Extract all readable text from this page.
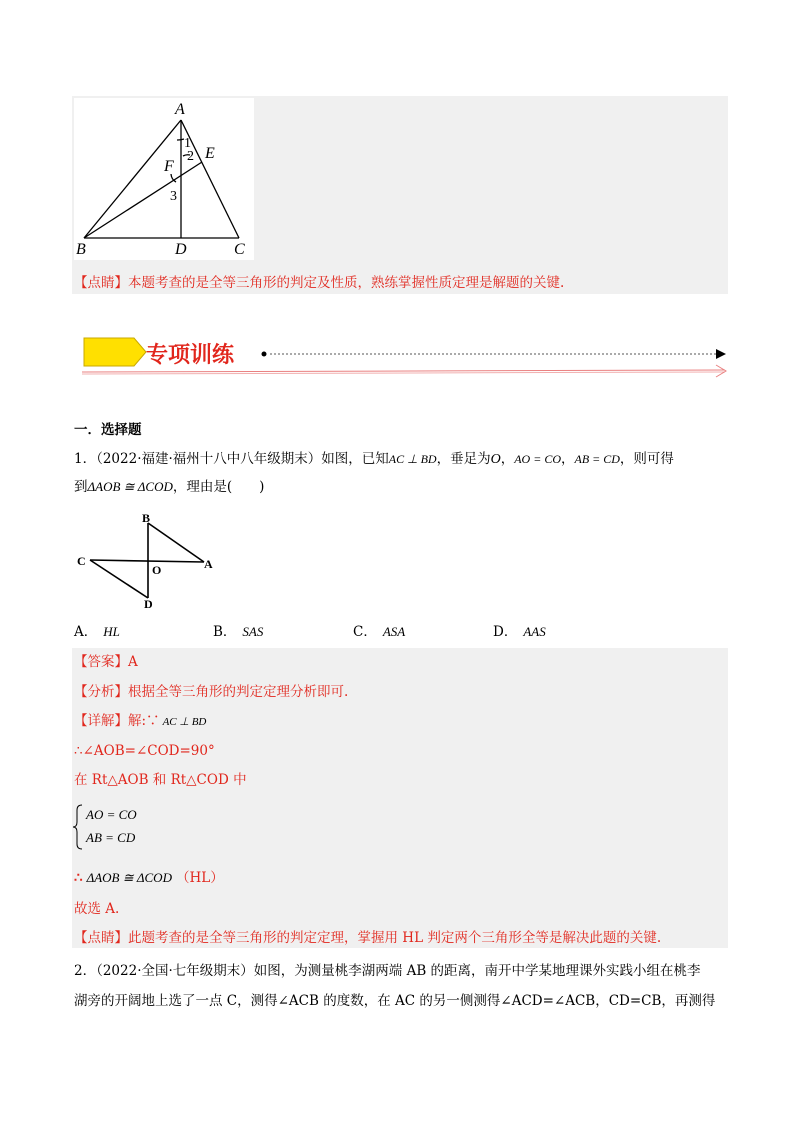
A
E
F
1
2
3
B	D	C
【点睛】本题考查的是全等三角形的判定及性质，熟练掌握性质定理是解题的关键.
专项训练
一．选择题
1．（2022·福建·福州十八中八年级期末）如图，已知AC ⊥ BD，垂足为O，AO = CO，AB = CD，则可得
到ΔAOB ≅ ΔCOD，理由是(　　)
B
C
O	A
D
A． HL	B． SAS	C． ASA	D． AAS
【答案】A
【分析】根据全等三角形的判定定理分析即可.
【详解】解:∵ AC ⊥ BD
∴∠AOB=∠COD=90°
在 Rt△AOB 和 Rt△COD 中
AO = CO
AB = CD
∴ ΔAOB ≅ ΔCOD （HL）
故选 A.
【点睛】此题考查的是全等三角形的判定定理，掌握用 HL 判定两个三角形全等是解决此题的关键.
2．（2022·全国·七年级期末）如图，为测量桃李湖两端 AB 的距离，南开中学某地理课外实践小组在桃李
湖旁的开阔地上选了一点 C，测得∠ACB 的度数，在 AC 的另一侧测得∠ACD=∠ACB，CD=CB，再测得
